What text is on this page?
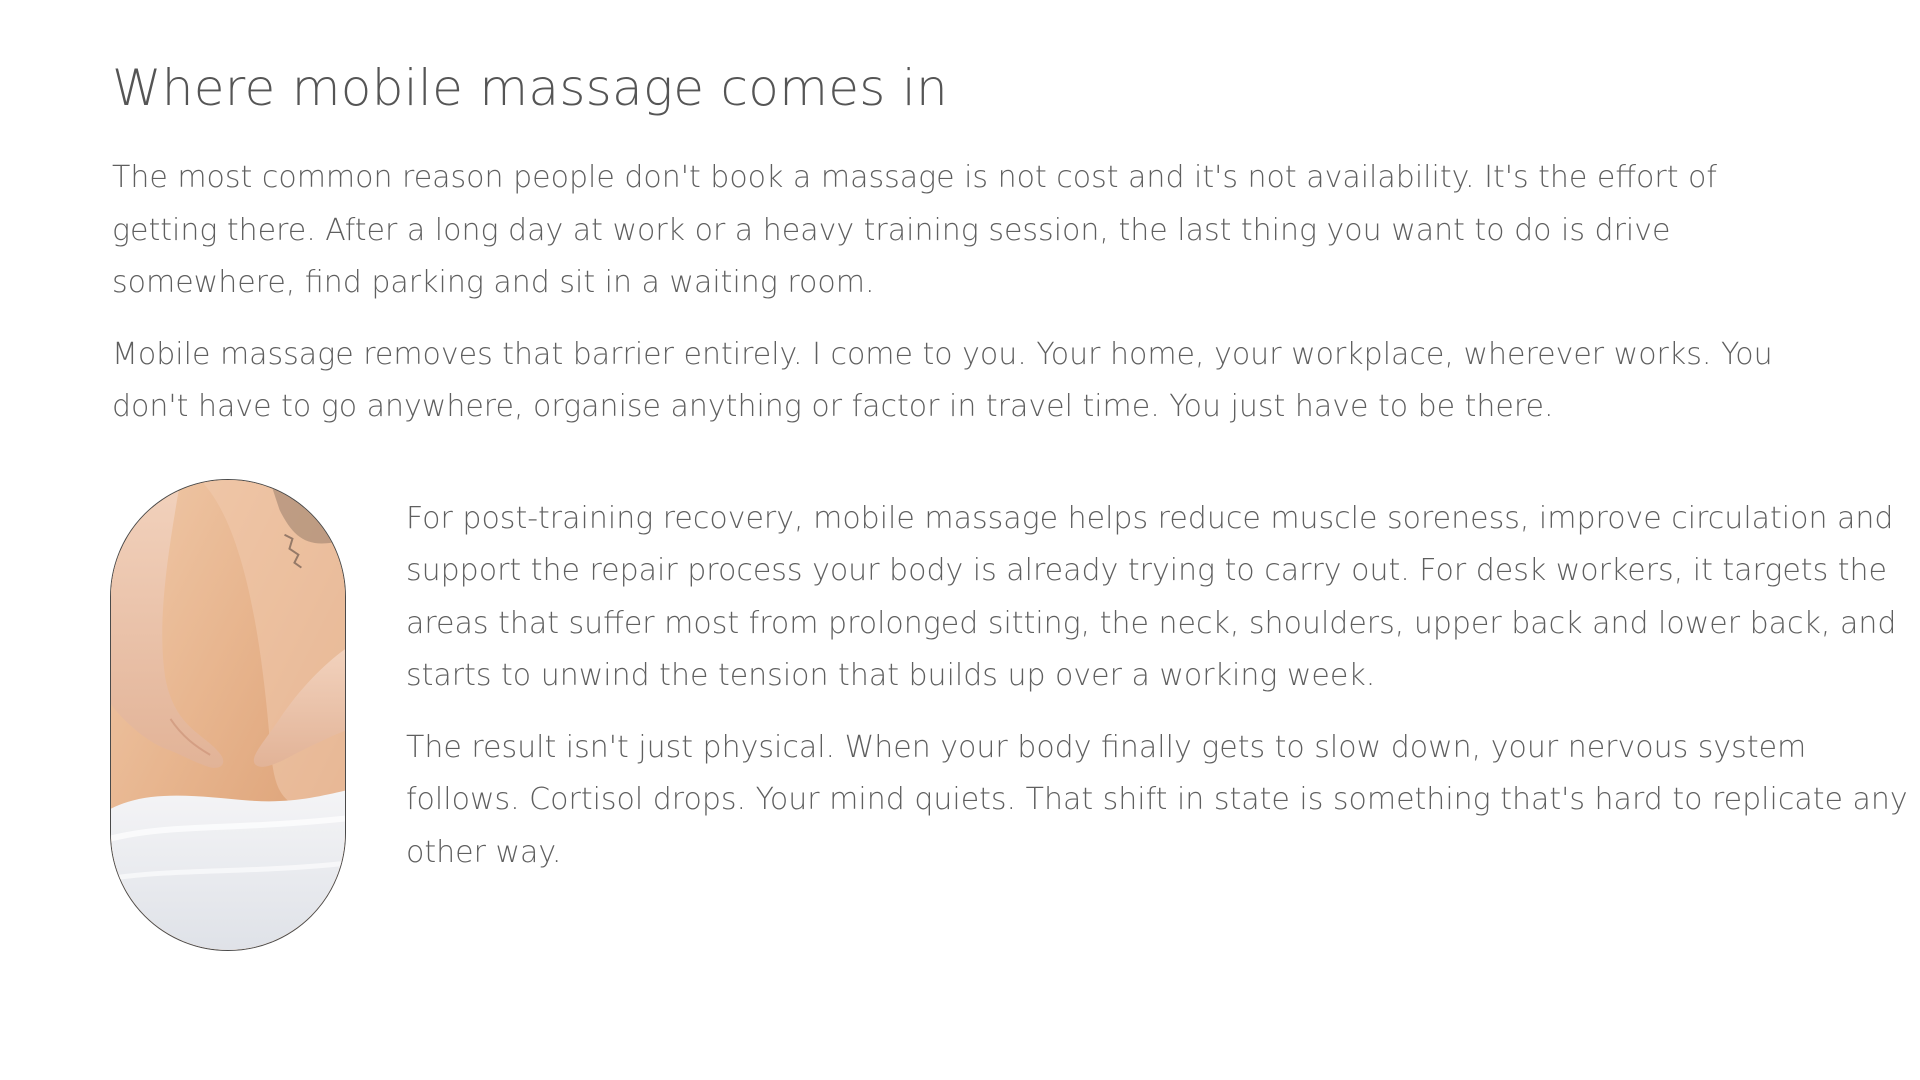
Where mobile massage comes in

The most common reason people don't book a massage is not cost and it's not availability. It's the effort of getting there. After a long day at work or a heavy training session, the last thing you want to do is drive somewhere, find parking and sit in a waiting room.

Mobile massage removes that barrier entirely. I come to you. Your home, your workplace, wherever works. You don't have to go anywhere, organise anything or factor in travel time. You just have to be there.

For post-training recovery, mobile massage helps reduce muscle soreness, improve circulation and support the repair process your body is already trying to carry out. For desk workers, it targets the areas that suffer most from prolonged sitting, the neck, shoulders, upper back and lower back, and starts to unwind the tension that builds up over a working week.

The result isn't just physical. When your body finally gets to slow down, your nervous system follows. Cortisol drops. Your mind quiets. That shift in state is something that's hard to replicate any other way.
